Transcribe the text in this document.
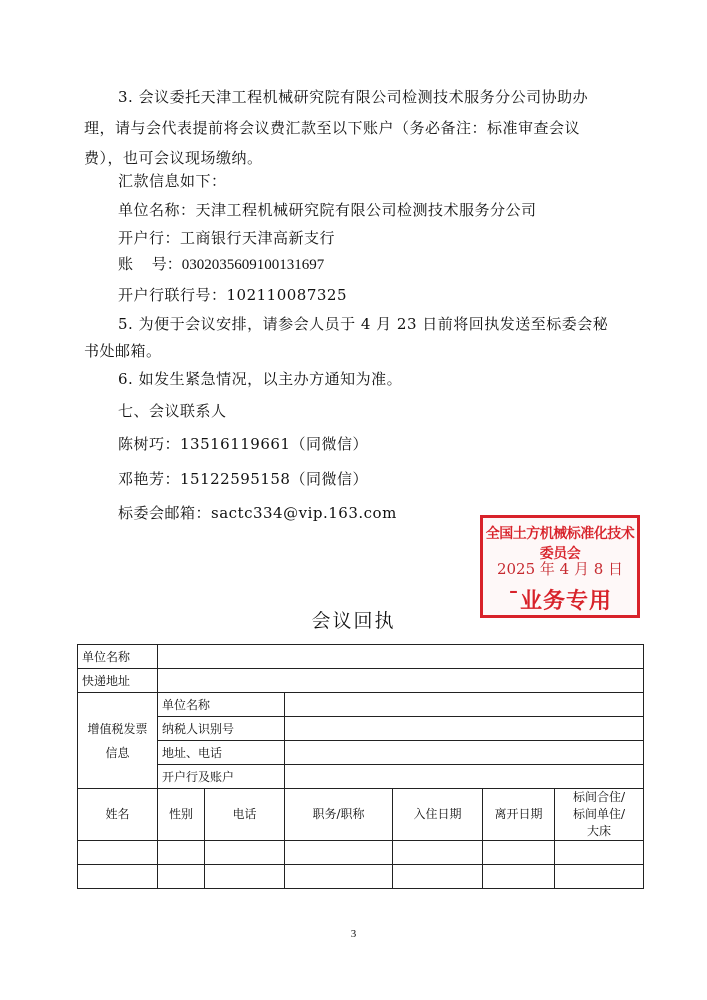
3. 会议委托天津工程机械研究院有限公司检测技术服务分公司协助办
理，请与会代表提前将会议费汇款至以下账户（务必备注：标准审查会议
费），也可会议现场缴纳。
汇款信息如下：
单位名称：天津工程机械研究院有限公司检测技术服务分公司
开户行：工商银行天津高新支行
账　 号：0302035609100131697
开户行联行号：102110087325
5. 为便于会议安排，请参会人员于 4 月 23 日前将回执发送至标委会秘
书处邮箱。
6. 如发生紧急情况，以主办方通知为准。
七、会议联系人
陈树巧：13516119661（同微信）
邓艳芳：15122595158（同微信）
标委会邮箱：sactc334@vip.163.com
全国土方机械标准化技术委员会
2025 年 4 月 8 日
¯业务专用
会议回执
单位名称						
快递地址						

增值税发票
信息	单位名称					
	纳税人识别号					
	地址、电话					
	开户行及账户					
姓名	性别	电话	职务/职称	入住日期	离开日期	标间合住/
标间单住/
大床

3
